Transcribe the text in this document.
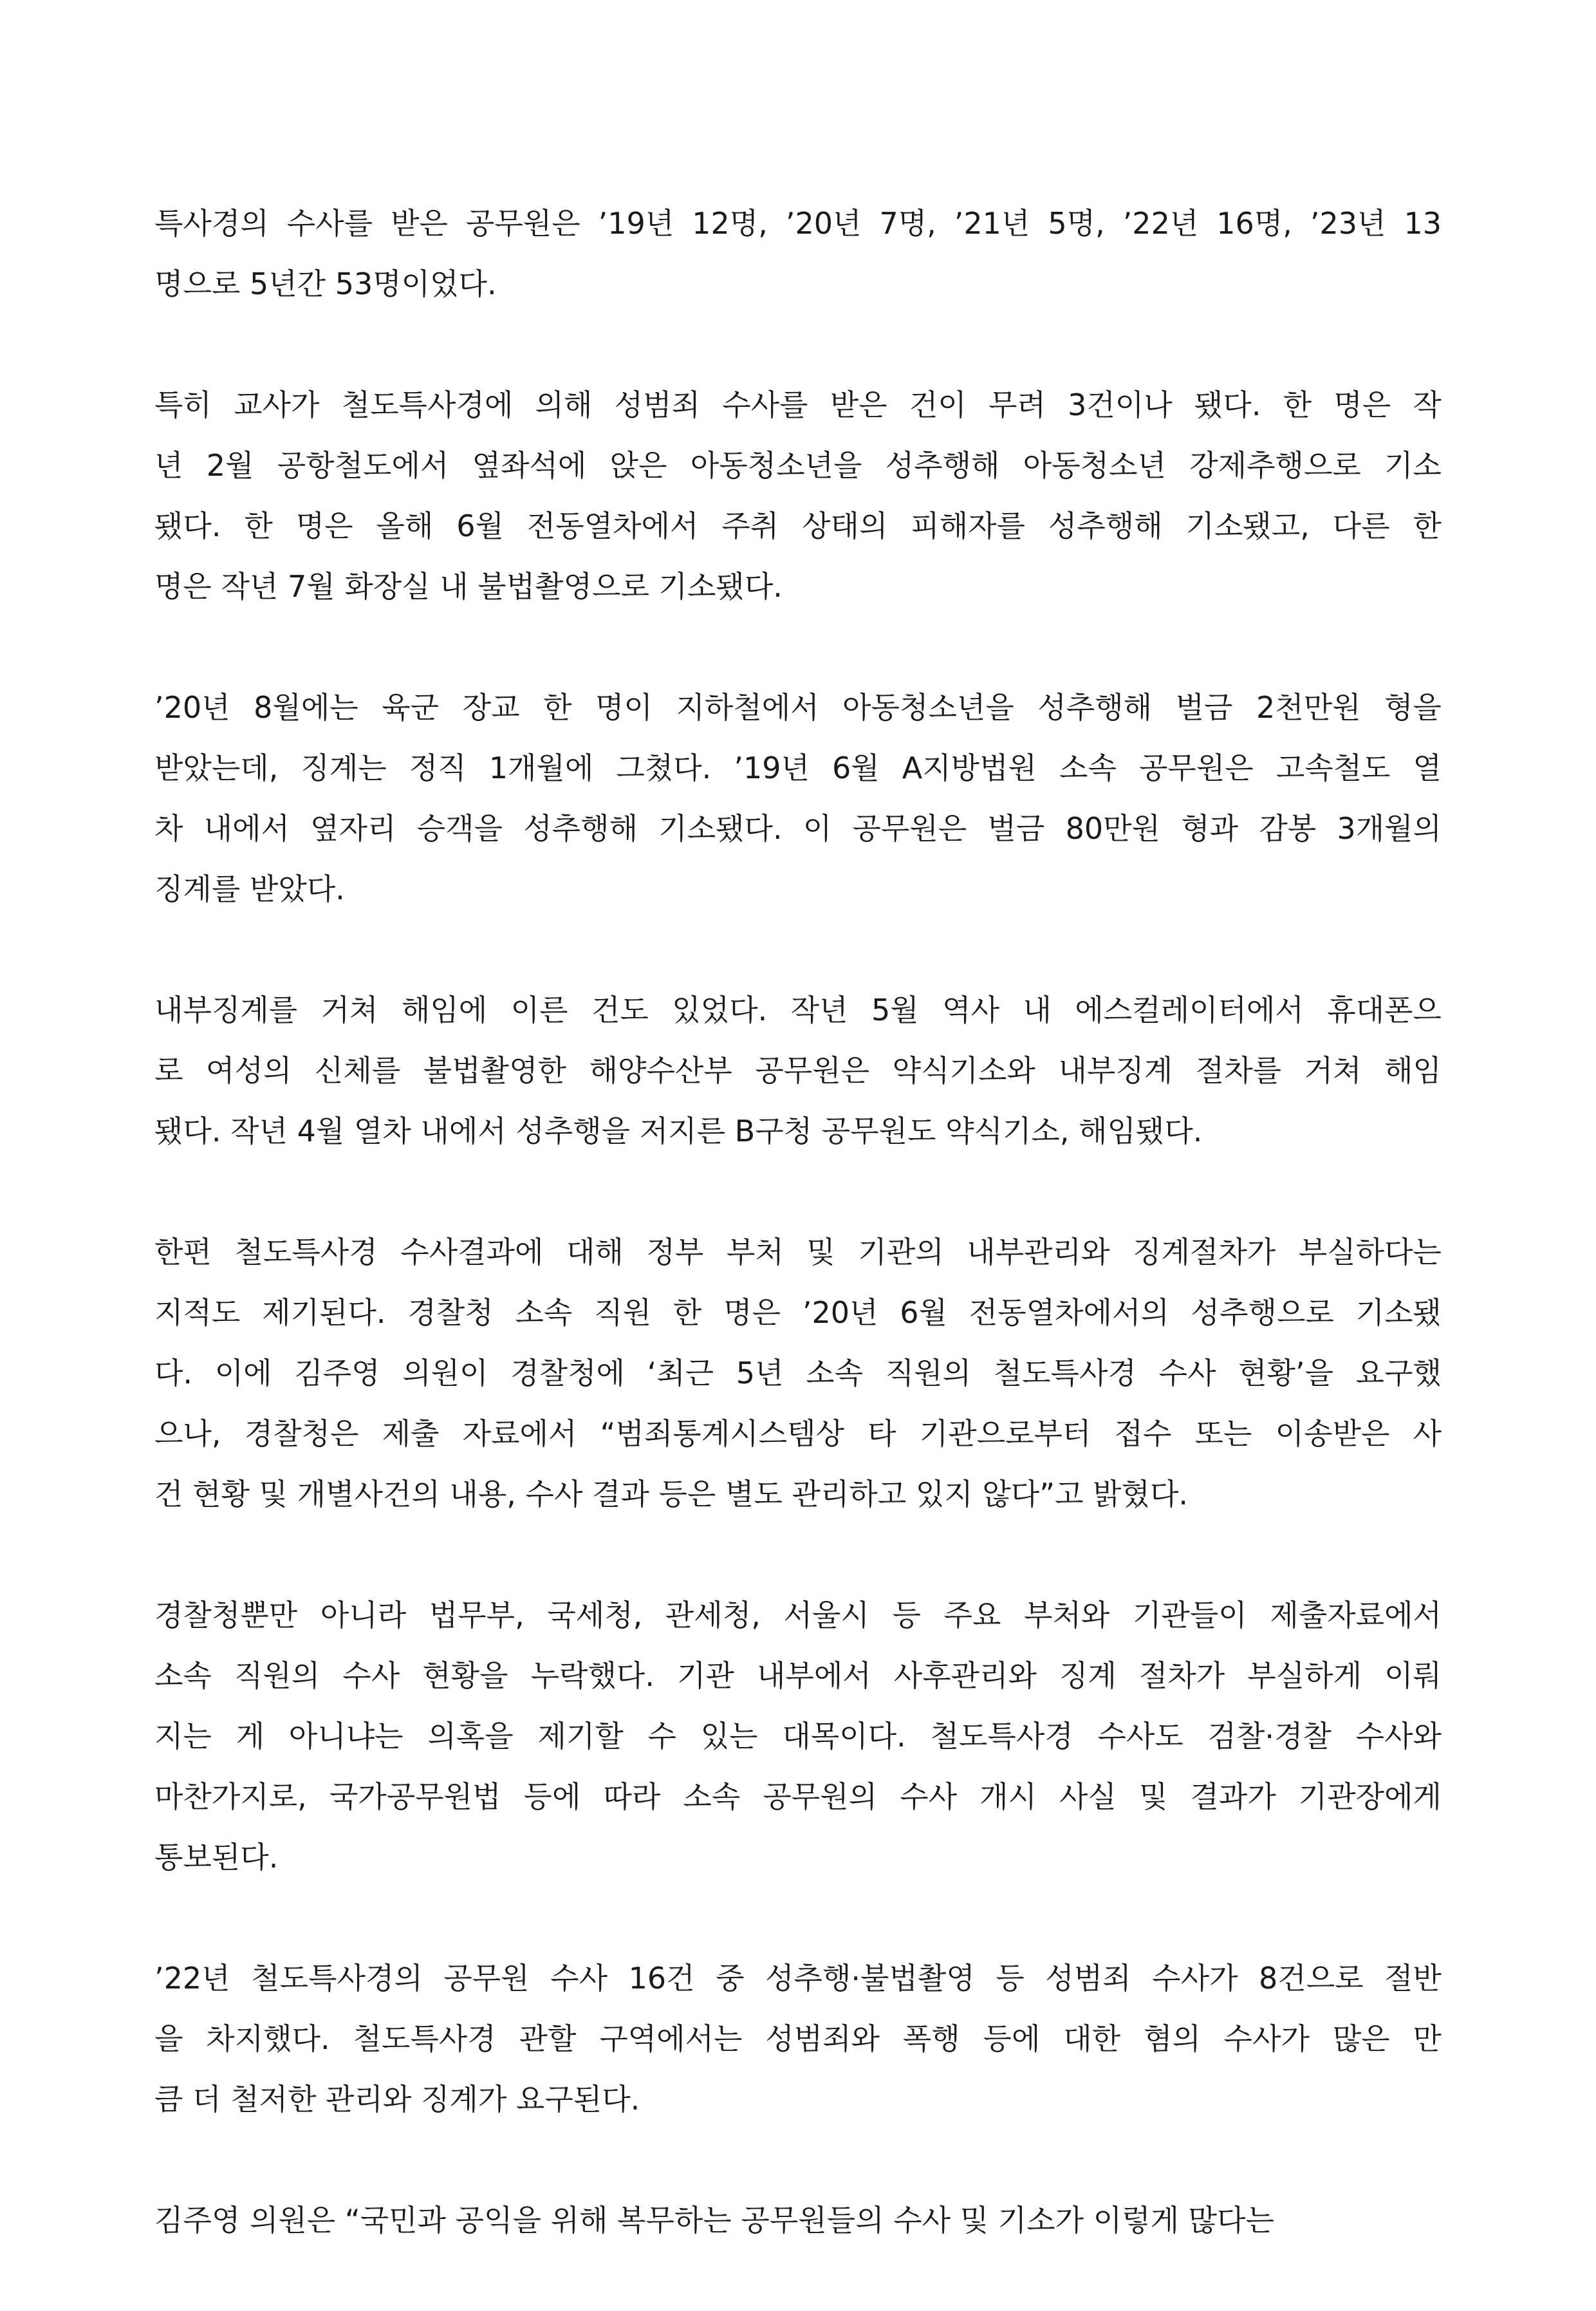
특사경의 수사를 받은 공무원은 ’19년 12명, ’20년 7명, ’21년 5명, ’22년 16명, ’23년 13
명으로 5년간 53명이었다.
특히 교사가 철도특사경에 의해 성범죄 수사를 받은 건이 무려 3건이나 됐다. 한 명은 작
년 2월 공항철도에서 옆좌석에 앉은 아동청소년을 성추행해 아동청소년 강제추행으로 기소
됐다. 한 명은 올해 6월 전동열차에서 주취 상태의 피해자를 성추행해 기소됐고, 다른 한
명은 작년 7월 화장실 내 불법촬영으로 기소됐다.
’20년 8월에는 육군 장교 한 명이 지하철에서 아동청소년을 성추행해 벌금 2천만원 형을
받았는데, 징계는 정직 1개월에 그쳤다. ’19년 6월 A지방법원 소속 공무원은 고속철도 열
차 내에서 옆자리 승객을 성추행해 기소됐다. 이 공무원은 벌금 80만원 형과 감봉 3개월의
징계를 받았다.
내부징계를 거쳐 해임에 이른 건도 있었다. 작년 5월 역사 내 에스컬레이터에서 휴대폰으
로 여성의 신체를 불법촬영한 해양수산부 공무원은 약식기소와 내부징계 절차를 거쳐 해임
됐다. 작년 4월 열차 내에서 성추행을 저지른 B구청 공무원도 약식기소, 해임됐다.
한편 철도특사경 수사결과에 대해 정부 부처 및 기관의 내부관리와 징계절차가 부실하다는
지적도 제기된다. 경찰청 소속 직원 한 명은 ’20년 6월 전동열차에서의 성추행으로 기소됐
다. 이에 김주영 의원이 경찰청에 ‘최근 5년 소속 직원의 철도특사경 수사 현황’을 요구했
으나, 경찰청은 제출 자료에서 “범죄통계시스템상 타 기관으로부터 접수 또는 이송받은 사
건 현황 및 개별사건의 내용, 수사 결과 등은 별도 관리하고 있지 않다”고 밝혔다.
경찰청뿐만 아니라 법무부, 국세청, 관세청, 서울시 등 주요 부처와 기관들이 제출자료에서
소속 직원의 수사 현황을 누락했다. 기관 내부에서 사후관리와 징계 절차가 부실하게 이뤄
지는 게 아니냐는 의혹을 제기할 수 있는 대목이다. 철도특사경 수사도 검찰·경찰 수사와
마찬가지로, 국가공무원법 등에 따라 소속 공무원의 수사 개시 사실 및 결과가 기관장에게
통보된다.
’22년 철도특사경의 공무원 수사 16건 중 성추행·불법촬영 등 성범죄 수사가 8건으로 절반
을 차지했다. 철도특사경 관할 구역에서는 성범죄와 폭행 등에 대한 혐의 수사가 많은 만
큼 더 철저한 관리와 징계가 요구된다.
김주영 의원은 “국민과 공익을 위해 복무하는 공무원들의 수사 및 기소가 이렇게 많다는
